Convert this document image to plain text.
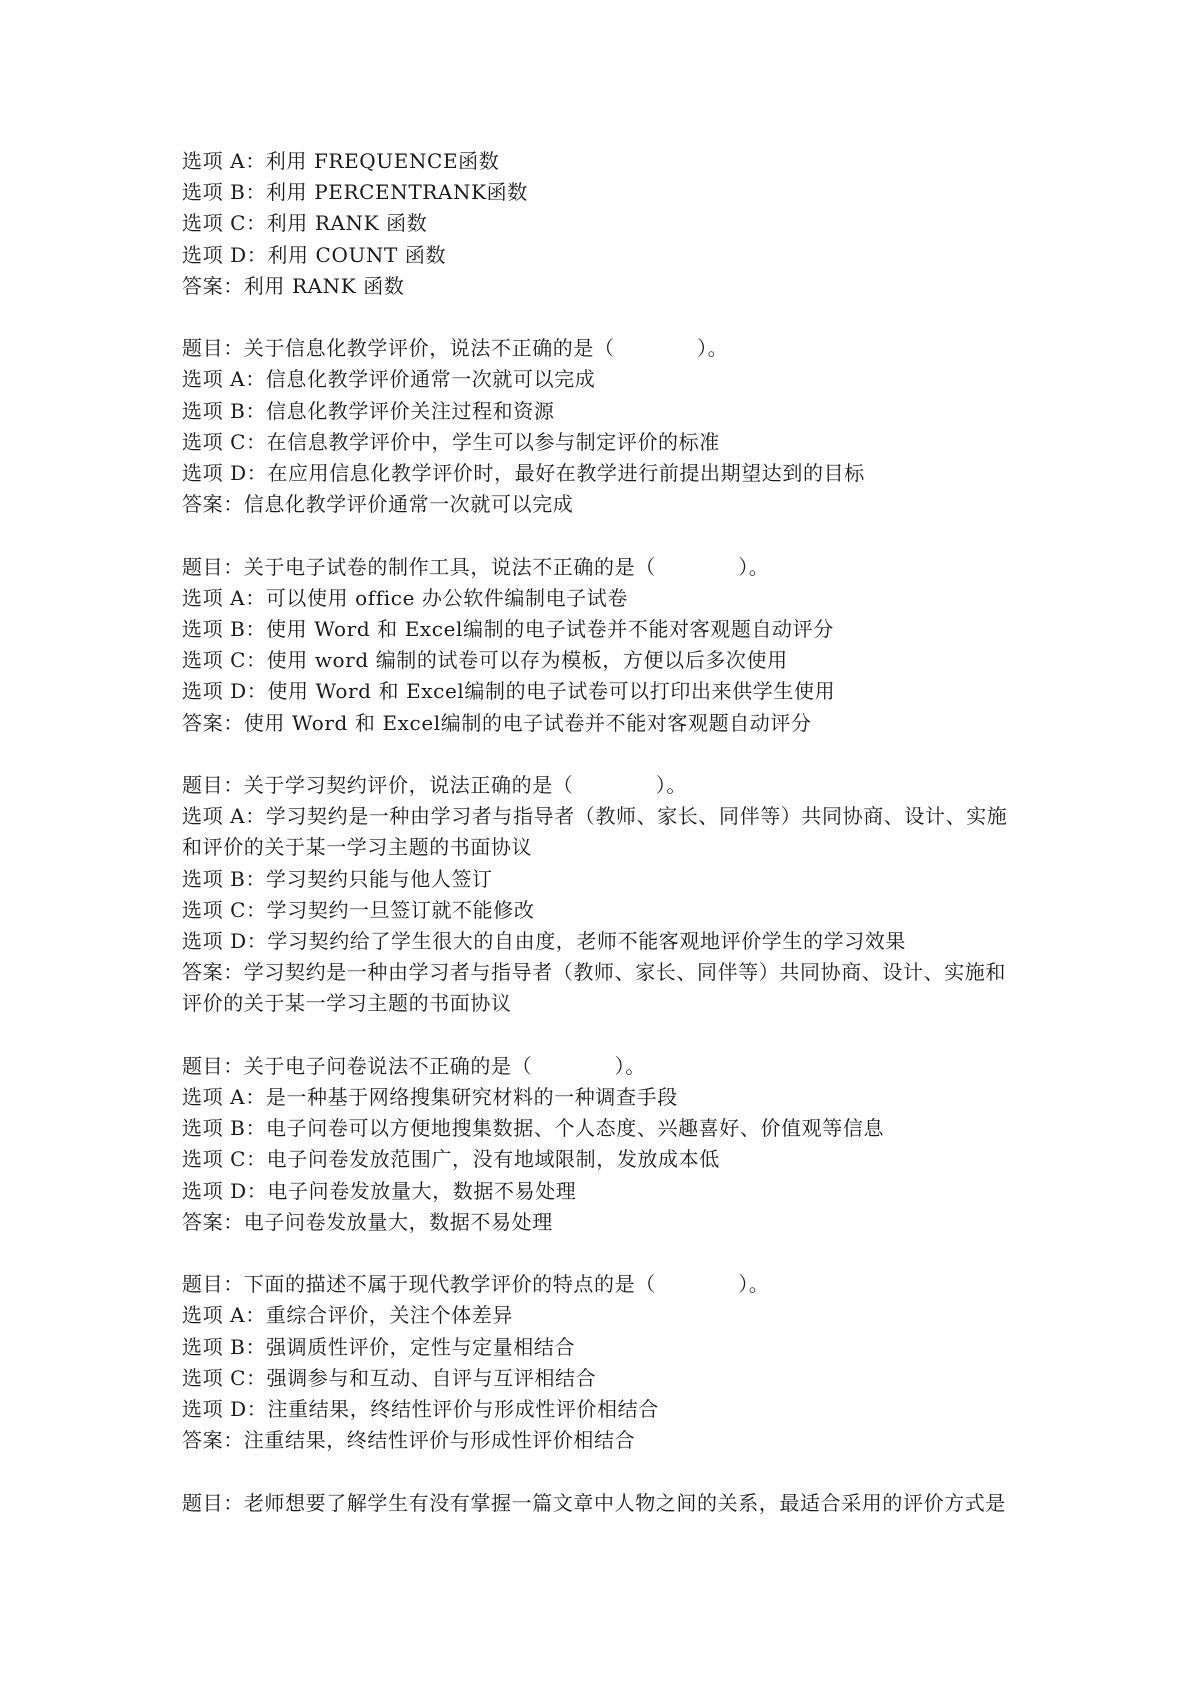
选项 A：利用 FREQUENCE函数
选项 B：利用 PERCENTRANK函数
选项 C：利用 RANK 函数
选项 D：利用 COUNT 函数
答案：利用 RANK 函数
题目：关于信息化教学评价，说法不正确的是（　　　　）。
选项 A：信息化教学评价通常一次就可以完成
选项 B：信息化教学评价关注过程和资源
选项 C：在信息教学评价中，学生可以参与制定评价的标准
选项 D：在应用信息化教学评价时，最好在教学进行前提出期望达到的目标
答案：信息化教学评价通常一次就可以完成
题目：关于电子试卷的制作工具，说法不正确的是（　　　　）。
选项 A：可以使用 office 办公软件编制电子试卷
选项 B：使用 Word 和 Excel编制的电子试卷并不能对客观题自动评分
选项 C：使用 word 编制的试卷可以存为模板，方便以后多次使用
选项 D：使用 Word 和 Excel编制的电子试卷可以打印出来供学生使用
答案：使用 Word 和 Excel编制的电子试卷并不能对客观题自动评分
题目：关于学习契约评价，说法正确的是（　　　　）。
选项 A：学习契约是一种由学习者与指导者（教师、家长、同伴等）共同协商、设计、实施和评价的关于某一学习主题的书面协议
选项 B：学习契约只能与他人签订
选项 C：学习契约一旦签订就不能修改
选项 D：学习契约给了学生很大的自由度，老师不能客观地评价学生的学习效果
答案：学习契约是一种由学习者与指导者（教师、家长、同伴等）共同协商、设计、实施和评价的关于某一学习主题的书面协议
题目：关于电子问卷说法不正确的是（　　　　）。
选项 A：是一种基于网络搜集研究材料的一种调查手段
选项 B：电子问卷可以方便地搜集数据、个人态度、兴趣喜好、价值观等信息
选项 C：电子问卷发放范围广，没有地域限制，发放成本低
选项 D：电子问卷发放量大，数据不易处理
答案：电子问卷发放量大，数据不易处理
题目：下面的描述不属于现代教学评价的特点的是（　　　　）。
选项 A：重综合评价，关注个体差异
选项 B：强调质性评价，定性与定量相结合
选项 C：强调参与和互动、自评与互评相结合
选项 D：注重结果，终结性评价与形成性评价相结合
答案：注重结果，终结性评价与形成性评价相结合
题目：老师想要了解学生有没有掌握一篇文章中人物之间的关系，最适合采用的评价方式是
